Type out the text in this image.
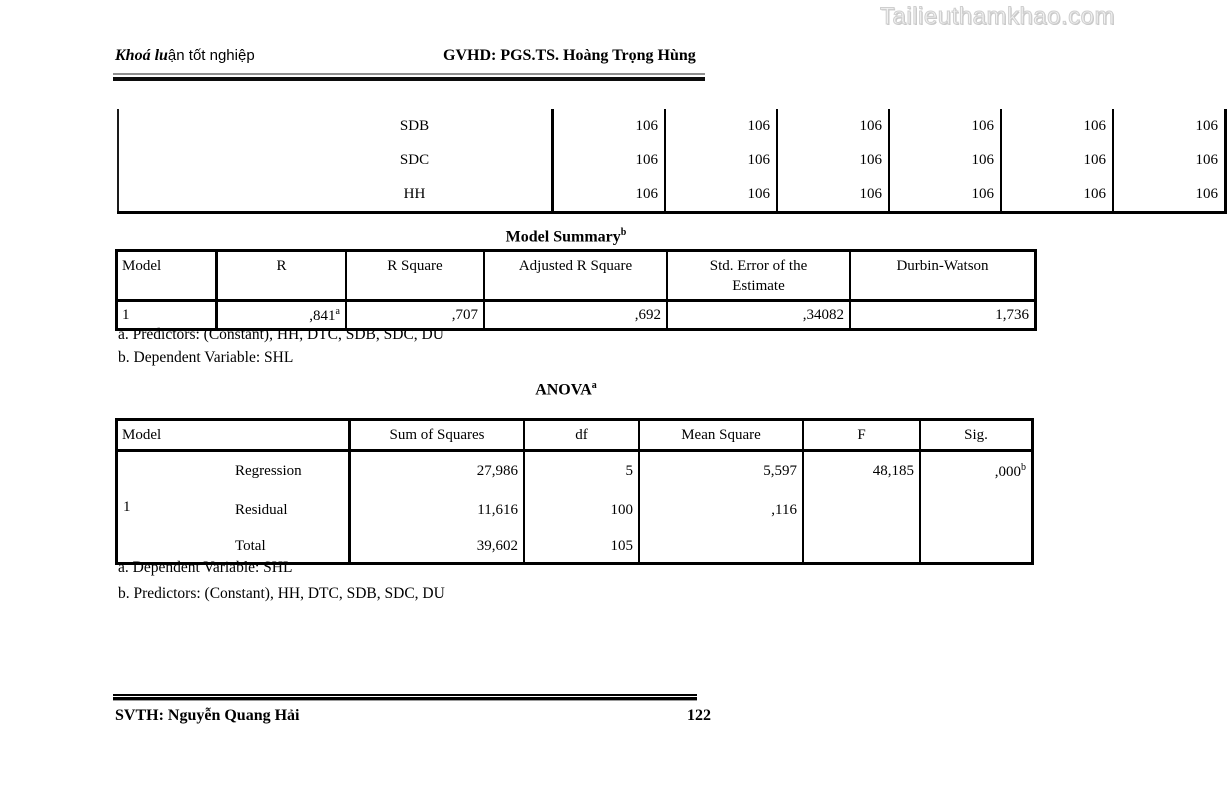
Tailieuthamkhao.com
Khoá luận tốt nghiệp	GVHD: PGS.TS. Hoàng Trọng Hùng
SDB	106	106	106	106	106	106
SDC	106	106	106	106	106	106
HH	106	106	106	106	106	106
Model Summary$^b$
Model	R	R Square	Adjusted R Square	Std. Error of the Estimate	Durbin-Watson
1	,841$^a$	,707	,692	,34082	1,736
a. Predictors: (Constant), HH, DTC, SDB, SDC, DU
b. Dependent Variable: SHL
ANOVA$^a$
Model		Sum of Squares	df	Mean Square	F	Sig.
1	Regression	27,986	5	5,597	48,185	,000$^b$
	Residual	11,616	100	,116		
	Total	39,602	105			
a. Dependent Variable: SHL
b. Predictors: (Constant), HH, DTC, SDB, SDC, DU
SVTH: Nguyễn Quang Hải	122
